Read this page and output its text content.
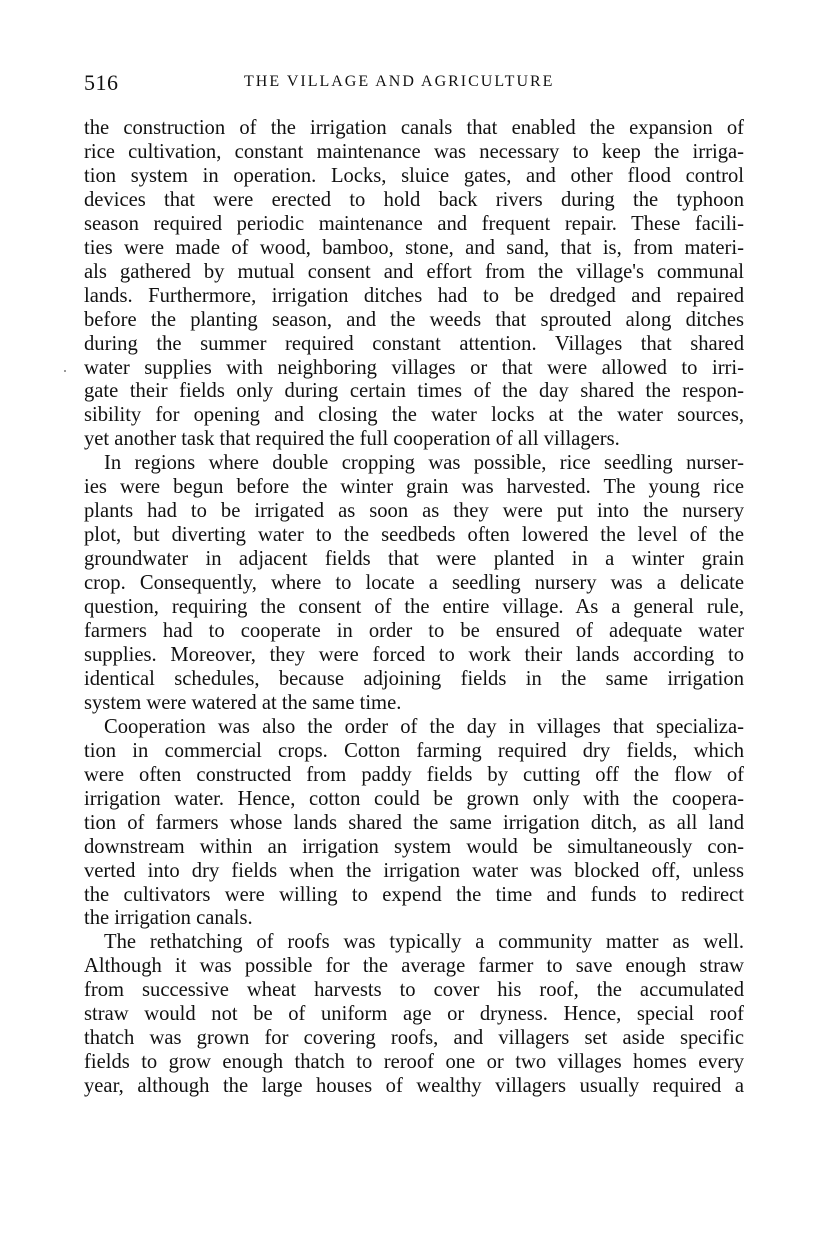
516	THE VILLAGE AND AGRICULTURE
the construction of the irrigation canals that enabled the expansion of
rice cultivation, constant maintenance was necessary to keep the irriga-
tion system in operation. Locks, sluice gates, and other flood control
devices that were erected to hold back rivers during the typhoon
season required periodic maintenance and frequent repair. These facili-
ties were made of wood, bamboo, stone, and sand, that is, from materi-
als gathered by mutual consent and effort from the village's communal
lands. Furthermore, irrigation ditches had to be dredged and repaired
before the planting season, and the weeds that sprouted along ditches
during the summer required constant attention. Villages that shared
water supplies with neighboring villages or that were allowed to irri-
gate their fields only during certain times of the day shared the respon-
sibility for opening and closing the water locks at the water sources,
yet another task that required the full cooperation of all villagers.
In regions where double cropping was possible, rice seedling nurser-
ies were begun before the winter grain was harvested. The young rice
plants had to be irrigated as soon as they were put into the nursery
plot, but diverting water to the seedbeds often lowered the level of the
groundwater in adjacent fields that were planted in a winter grain
crop. Consequently, where to locate a seedling nursery was a delicate
question, requiring the consent of the entire village. As a general rule,
farmers had to cooperate in order to be ensured of adequate water
supplies. Moreover, they were forced to work their lands according to
identical schedules, because adjoining fields in the same irrigation
system were watered at the same time.
Cooperation was also the order of the day in villages that specializa-
tion in commercial crops. Cotton farming required dry fields, which
were often constructed from paddy fields by cutting off the flow of
irrigation water. Hence, cotton could be grown only with the coopera-
tion of farmers whose lands shared the same irrigation ditch, as all land
downstream within an irrigation system would be simultaneously con-
verted into dry fields when the irrigation water was blocked off, unless
the cultivators were willing to expend the time and funds to redirect
the irrigation canals.
The rethatching of roofs was typically a community matter as well.
Although it was possible for the average farmer to save enough straw
from successive wheat harvests to cover his roof, the accumulated
straw would not be of uniform age or dryness. Hence, special roof
thatch was grown for covering roofs, and villagers set aside specific
fields to grow enough thatch to reroof one or two villages homes every
year, although the large houses of wealthy villagers usually required a
